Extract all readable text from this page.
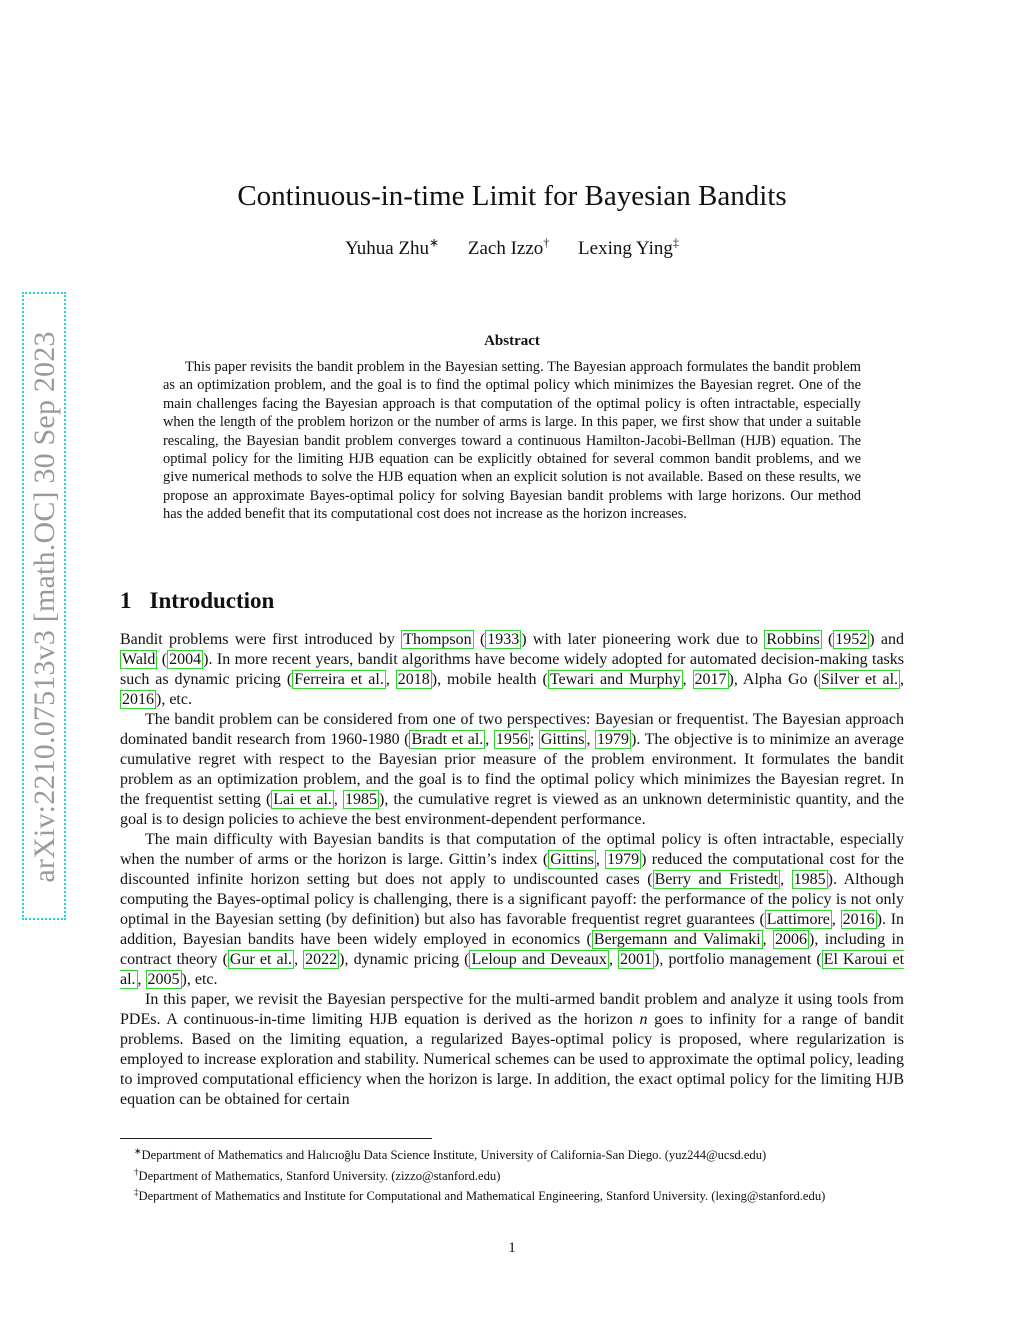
arXiv:2210.07513v3 [math.OC] 30 Sep 2023
Continuous-in-time Limit for Bayesian Bandits
Yuhua Zhu∗ Zach Izzo† Lexing Ying‡
Abstract

This paper revisits the bandit problem in the Bayesian setting. The Bayesian approach formulates the bandit problem as an optimization problem, and the goal is to find the optimal policy which minimizes the Bayesian regret. One of the main challenges facing the Bayesian approach is that computation of the optimal policy is often intractable, especially when the length of the problem horizon or the number of arms is large. In this paper, we first show that under a suitable rescaling, the Bayesian bandit problem converges toward a continuous Hamilton-Jacobi-Bellman (HJB) equation. The optimal policy for the limiting HJB equation can be explicitly obtained for several common bandit problems, and we give numerical methods to solve the HJB equation when an explicit solution is not available. Based on these results, we propose an approximate Bayes-optimal policy for solving Bayesian bandit problems with large horizons. Our method has the added benefit that its computational cost does not increase as the horizon increases.

1 Introduction

Bandit problems were first introduced by Thompson ( 1933 ) with later pioneering work due to Robbins ( 1952 ) and Wald ( 2004 ). In more recent years, bandit algorithms have become widely adopted for automated decision-making tasks such as dynamic pricing ( Ferreira et al. , 2018 ), mobile health ( Tewari and Murphy , 2017 ), Alpha Go ( Silver et al. , 2016 ), etc.

The bandit problem can be considered from one of two perspectives: Bayesian or frequentist. The Bayesian approach dominated bandit research from 1960-1980 ( Bradt et al. , 1956 ; Gittins , 1979 ). The objective is to minimize an average cumulative regret with respect to the Bayesian prior measure of the problem environment. It formulates the bandit problem as an optimization problem, and the goal is to find the optimal policy which minimizes the Bayesian regret. In the frequentist setting ( Lai et al. , 1985 ), the cumulative regret is viewed as an unknown deterministic quantity, and the goal is to design policies to achieve the best environment-dependent performance.

The main difficulty with Bayesian bandits is that computation of the optimal policy is often intractable, especially when the number of arms or the horizon is large. Gittin’s index ( Gittins , 1979 ) reduced the computational cost for the discounted infinite horizon setting but does not apply to undiscounted cases ( Berry and Fristedt , 1985 ). Although computing the Bayes-optimal policy is challenging, there is a significant payoff: the performance of the policy is not only optimal in the Bayesian setting (by definition) but also has favorable frequentist regret guarantees ( Lattimore , 2016 ). In addition, Bayesian bandits have been widely employed in economics ( Bergemann and Valimaki , 2006 ), including in contract theory ( Gur et al. , 2022 ), dynamic pricing ( Leloup and Deveaux , 2001 ), portfolio management ( El Karoui et al. , 2005 ), etc.

In this paper, we revisit the Bayesian perspective for the multi-armed bandit problem and analyze it using tools from PDEs. A continuous-in-time limiting HJB equation is derived as the horizon n goes to infinity for a range of bandit problems. Based on the limiting equation, a regularized Bayes-optimal policy is proposed, where regularization is employed to increase exploration and stability. Numerical schemes can be used to approximate the optimal policy, leading to improved computational efficiency when the horizon is large. In addition, the exact optimal policy for the limiting HJB equation can be obtained for certain

∗Department of Mathematics and Halıcıoğlu Data Science Institute, University of California-San Diego. (yuz244@ucsd.edu)

†Department of Mathematics, Stanford University. (zizzo@stanford.edu)

‡Department of Mathematics and Institute for Computational and Mathematical Engineering, Stanford University. (lexing@stanford.edu)

1
